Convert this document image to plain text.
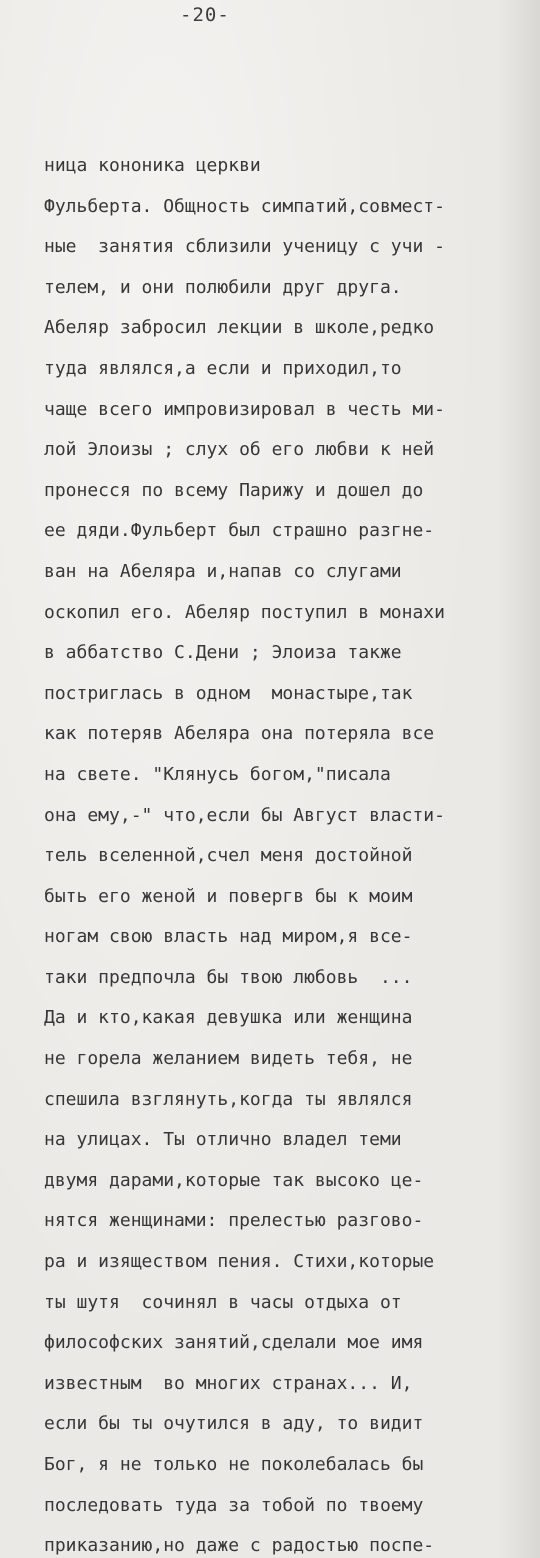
-20-
ница кононика церкви
Фульберта. Общность симпатий,совмест-
ные  занятия сблизили ученицу с учи -
телем, и они полюбили друг друга.
Абеляр забросил лекции в школе,редко
туда являлся,а если и приходил,то
чаще всего импровизировал в честь ми-
лой Элоизы ; слух об его любви к ней
пронесся по всему Парижу и дошел до
ее дяди.Фульберт был страшно разгне-
ван на Абеляра и,напав со слугами
оскопил его. Абеляр поступил в монахи
в аббатство С.Дени ; Элоиза также
постриглась в одном  монастыре,так
как потеряв Абеляра она потеряла все
на свете. "Клянусь богом,"писала
она ему,-" что,если бы Август власти-
тель вселенной,счел меня достойной
быть его женой и повергв бы к моим
ногам свою власть над миром,я все-
таки предпочла бы твою любовь  ...
Да и кто,какая девушка или женщина
не горела желанием видеть тебя, не
спешила взглянуть,когда ты являлся
на улицах. Ты отлично владел теми
двумя дарами,которые так высоко це-
нятся женщинами: прелестью разгово-
ра и изяществом пения. Стихи,которые
ты шутя  сочинял в часы отдыха от
философских занятий,сделали мое имя
известным  во многих странах... И,
если бы ты очутился в аду, то видит
Бог, я не только не поколебалась бы
последовать туда за тобой по твоему
приказанию,но даже с радостью поспе-
